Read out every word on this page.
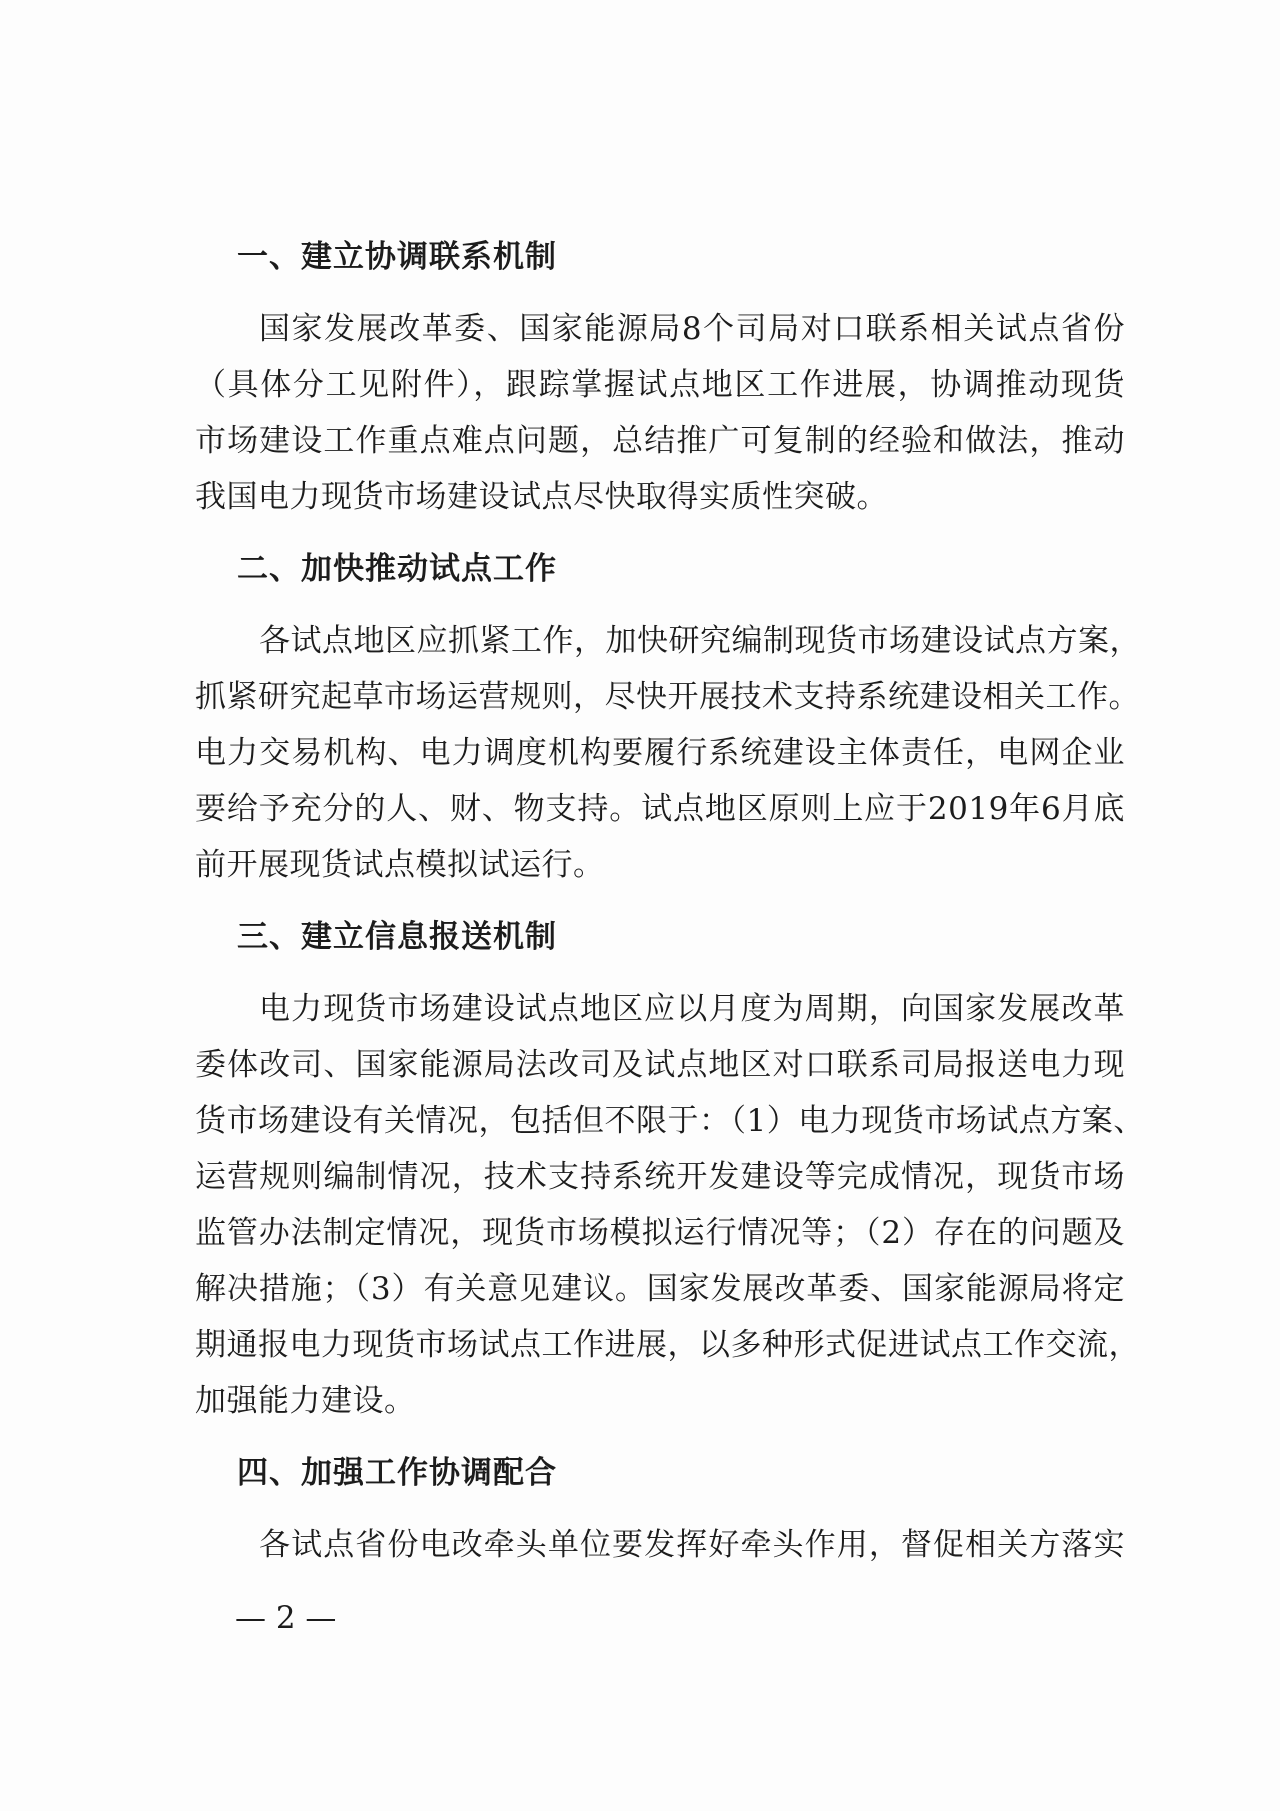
一、建立协调联系机制
国家发展改革委、国家能源局8个司局对口联系相关试点省份
（具体分工见附件），跟踪掌握试点地区工作进展，协调推动现货
市场建设工作重点难点问题，总结推广可复制的经验和做法，推动
我国电力现货市场建设试点尽快取得实质性突破。
二、加快推动试点工作
各试点地区应抓紧工作，加快研究编制现货市场建设试点方案，
抓紧研究起草市场运营规则，尽快开展技术支持系统建设相关工作。
电力交易机构、电力调度机构要履行系统建设主体责任，电网企业
要给予充分的人、财、物支持。试点地区原则上应于2019年6月底
前开展现货试点模拟试运行。
三、建立信息报送机制
电力现货市场建设试点地区应以月度为周期，向国家发展改革
委体改司、国家能源局法改司及试点地区对口联系司局报送电力现
货市场建设有关情况，包括但不限于：（1）电力现货市场试点方案、
运营规则编制情况，技术支持系统开发建设等完成情况，现货市场
监管办法制定情况，现货市场模拟运行情况等；（2）存在的问题及
解决措施；（3）有关意见建议。国家发展改革委、国家能源局将定
期通报电力现货市场试点工作进展，以多种形式促进试点工作交流，
加强能力建设。
四、加强工作协调配合
各试点省份电改牵头单位要发挥好牵头作用，督促相关方落实
— 2 —
